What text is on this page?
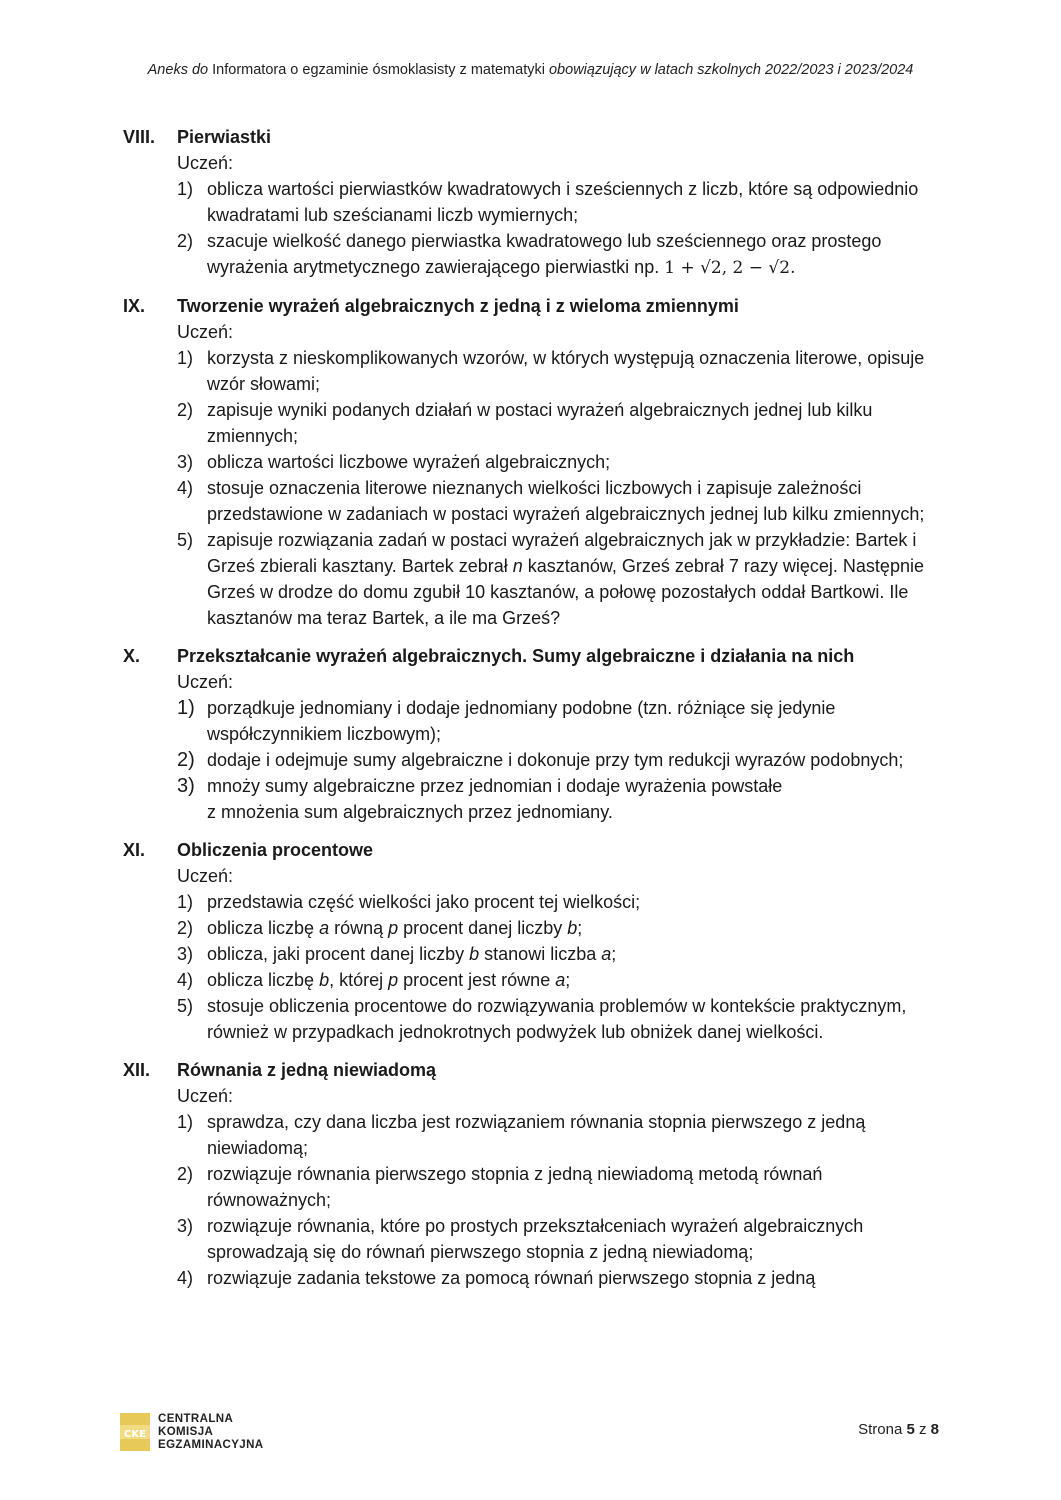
Aneks do Informatora o egzaminie ósmoklasisty z matematyki obowiązujący w latach szkolnych 2022/2023 i 2023/2024
VIII. Pierwiastki
Uczeń:
1) oblicza wartości pierwiastków kwadratowych i sześciennych z liczb, które są odpowiednio kwadratami lub sześcianami liczb wymiernych;
2) szacuje wielkość danego pierwiastka kwadratowego lub sześciennego oraz prostego wyrażenia arytmetycznego zawierającego pierwiastki np. 1 + √2, 2 − √2.
IX. Tworzenie wyrażeń algebraicznych z jedną i z wieloma zmiennymi
Uczeń:
1) korzysta z nieskomplikowanych wzorów, w których występują oznaczenia literowe, opisuje wzór słowami;
2) zapisuje wyniki podanych działań w postaci wyrażeń algebraicznych jednej lub kilku zmiennych;
3) oblicza wartości liczbowe wyrażeń algebraicznych;
4) stosuje oznaczenia literowe nieznanych wielkości liczbowych i zapisuje zależności przedstawione w zadaniach w postaci wyrażeń algebraicznych jednej lub kilku zmiennych;
5) zapisuje rozwiązania zadań w postaci wyrażeń algebraicznych jak w przykładzie: Bartek i Grześ zbierali kasztany. Bartek zebrał n kasztanów, Grześ zebrał 7 razy więcej. Następnie Grześ w drodze do domu zgubił 10 kasztanów, a połowę pozostałych oddał Bartkowi. Ile kasztanów ma teraz Bartek, a ile ma Grześ?
X. Przekształcanie wyrażeń algebraicznych. Sumy algebraiczne i działania na nich
Uczeń:
1) porządkuje jednomiany i dodaje jednomiany podobne (tzn. różniące się jedynie współczynnikiem liczbowym);
2) dodaje i odejmuje sumy algebraiczne i dokonuje przy tym redukcji wyrazów podobnych;
3) mnoży sumy algebraiczne przez jednomian i dodaje wyrażenia powstałe
z mnożenia sum algebraicznych przez jednomiany.
XI. Obliczenia procentowe
Uczeń:
1) przedstawia część wielkości jako procent tej wielkości;
2) oblicza liczbę a równą p procent danej liczby b;
3) oblicza, jaki procent danej liczby b stanowi liczba a;
4) oblicza liczbę b, której p procent jest równe a;
5) stosuje obliczenia procentowe do rozwiązywania problemów w kontekście praktycznym, również w przypadkach jednokrotnych podwyżek lub obniżek danej wielkości.
XII. Równania z jedną niewiadomą
Uczeń:
1) sprawdza, czy dana liczba jest rozwiązaniem równania stopnia pierwszego z jedną niewiadomą;
2) rozwiązuje równania pierwszego stopnia z jedną niewiadomą metodą równań równoważnych;
3) rozwiązuje równania, które po prostych przekształceniach wyrażeń algebraicznych sprowadzają się do równań pierwszego stopnia z jedną niewiadomą;
4) rozwiązuje zadania tekstowe za pomocą równań pierwszego stopnia z jedną
CKE
CENTRALNA
KOMISJA
EGZAMINACYJNA
Strona 5 z 8
